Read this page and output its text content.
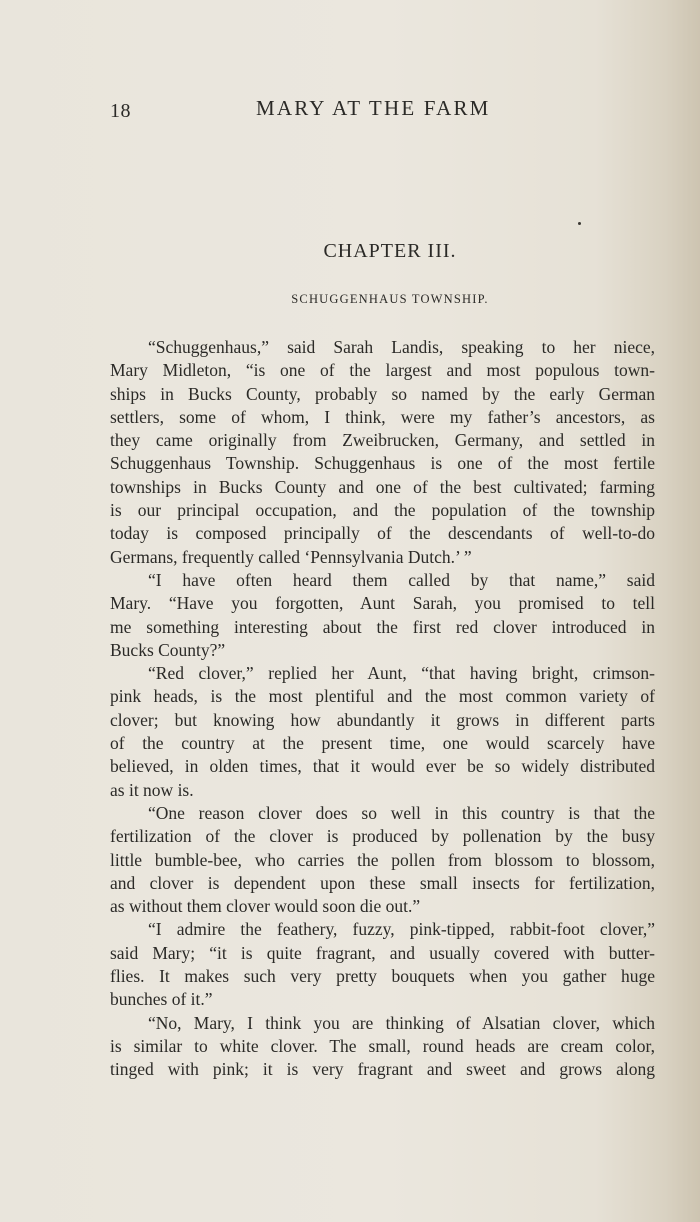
18	MARY AT THE FARM
CHAPTER III.
SCHUGGENHAUS TOWNSHIP.
“Schuggenhaus,” said Sarah Landis, speaking to her niece,
Mary Midleton, “is one of the largest and most populous town-
ships in Bucks County, probably so named by the early German
settlers, some of whom, I think, were my father’s ancestors, as
they came originally from Zweibrucken, Germany, and settled in
Schuggenhaus Township. Schuggenhaus is one of the most fertile
townships in Bucks County and one of the best cultivated; farming
is our principal occupation, and the population of the township
today is composed principally of the descendants of well-to-do
Germans, frequently called ‘Pennsylvania Dutch.’ ”
“I have often heard them called by that name,” said
Mary. “Have you forgotten, Aunt Sarah, you promised to tell
me something interesting about the first red clover introduced in
Bucks County?”
“Red clover,” replied her Aunt, “that having bright, crimson-
pink heads, is the most plentiful and the most common variety of
clover; but knowing how abundantly it grows in different parts
of the country at the present time, one would scarcely have
believed, in olden times, that it would ever be so widely distributed
as it now is.
“One reason clover does so well in this country is that the
fertilization of the clover is produced by pollenation by the busy
little bumble-bee, who carries the pollen from blossom to blossom,
and clover is dependent upon these small insects for fertilization,
as without them clover would soon die out.”
“I admire the feathery, fuzzy, pink-tipped, rabbit-foot clover,”
said Mary; “it is quite fragrant, and usually covered with butter-
flies. It makes such very pretty bouquets when you gather huge
bunches of it.”
“No, Mary, I think you are thinking of Alsatian clover, which
is similar to white clover. The small, round heads are cream color,
tinged with pink; it is very fragrant and sweet and grows along
